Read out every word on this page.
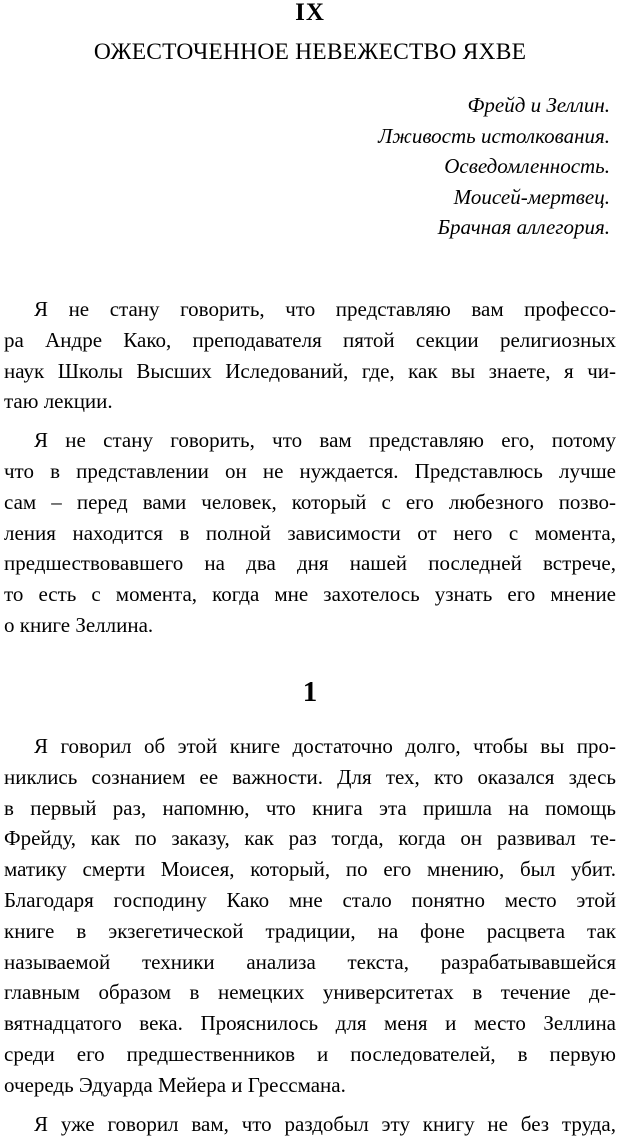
IX
ОЖЕСТОЧЕННОЕ НЕВЕЖЕСТВО ЯХВЕ
Фрейд и Зеллин.
Лживость истолкования.
Осведомленность.
Моисей-мертвец.
Брачная аллегория.
Я не стану говорить, что представляю вам профессо-
ра Андре Како, преподавателя пятой секции религиозных
наук Школы Высших Иследований, где, как вы знаете, я чи-
таю лекции.
Я не стану говорить, что вам представляю его, потому
что в представлении он не нуждается. Представлюсь лучше
сам – перед вами человек, который с его любезного позво-
ления находится в полной зависимости от него с момента,
предшествовавшего на два дня нашей последней встрече,
то есть с момента, когда мне захотелось узнать его мнение
о книге Зеллина.
1
Я говорил об этой книге достаточно долго, чтобы вы про-
никлись сознанием ее важности. Для тех, кто оказался здесь
в первый раз, напомню, что книга эта пришла на помощь
Фрейду, как по заказу, как раз тогда, когда он развивал те-
матику смерти Моисея, который, по его мнению, был убит.
Благодаря господину Како мне стало понятно место этой
книге в экзегетической традиции, на фоне расцвета так
называемой техники анализа текста, разрабатывавшейся
главным образом в немецких университетах в течение де-
вятнадцатого века. Прояснилось для меня и место Зеллина
среди его предшественников и последователей, в первую
очередь Эдуарда Мейера и Грессмана.
Я уже говорил вам, что раздобыл эту книгу не без труда,
